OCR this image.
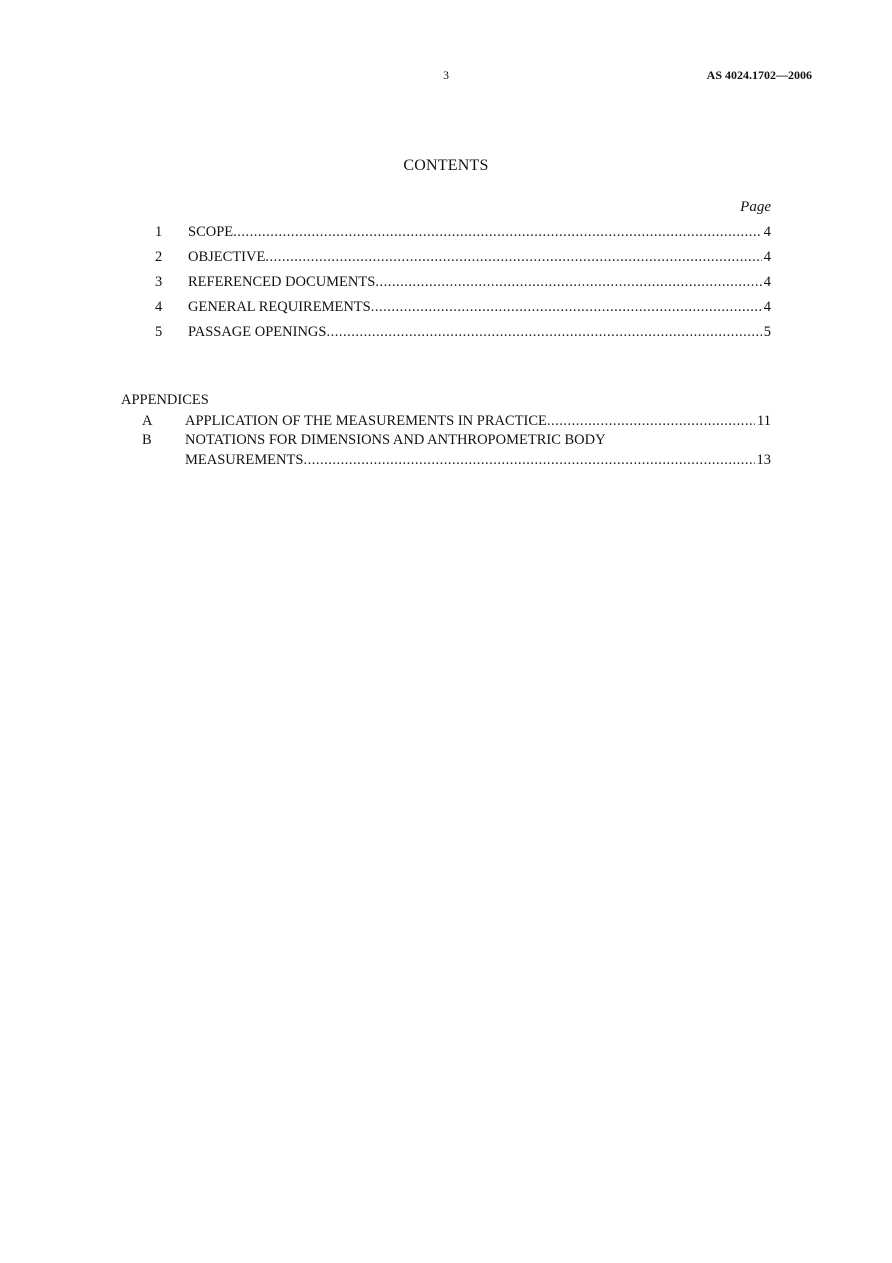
3	AS 4024.1702—2006
CONTENTS
Page
1	SCOPE .....	4
2	OBJECTIVE .....	4
3	REFERENCED DOCUMENTS .....	4
4	GENERAL REQUIREMENTS .....	4
5	PASSAGE OPENINGS .....	5
APPENDICES
A	APPLICATION OF THE MEASUREMENTS IN PRACTICE .....	11
B	NOTATIONS FOR DIMENSIONS AND ANTHROPOMETRIC BODY
MEASUREMENTS .....	13
